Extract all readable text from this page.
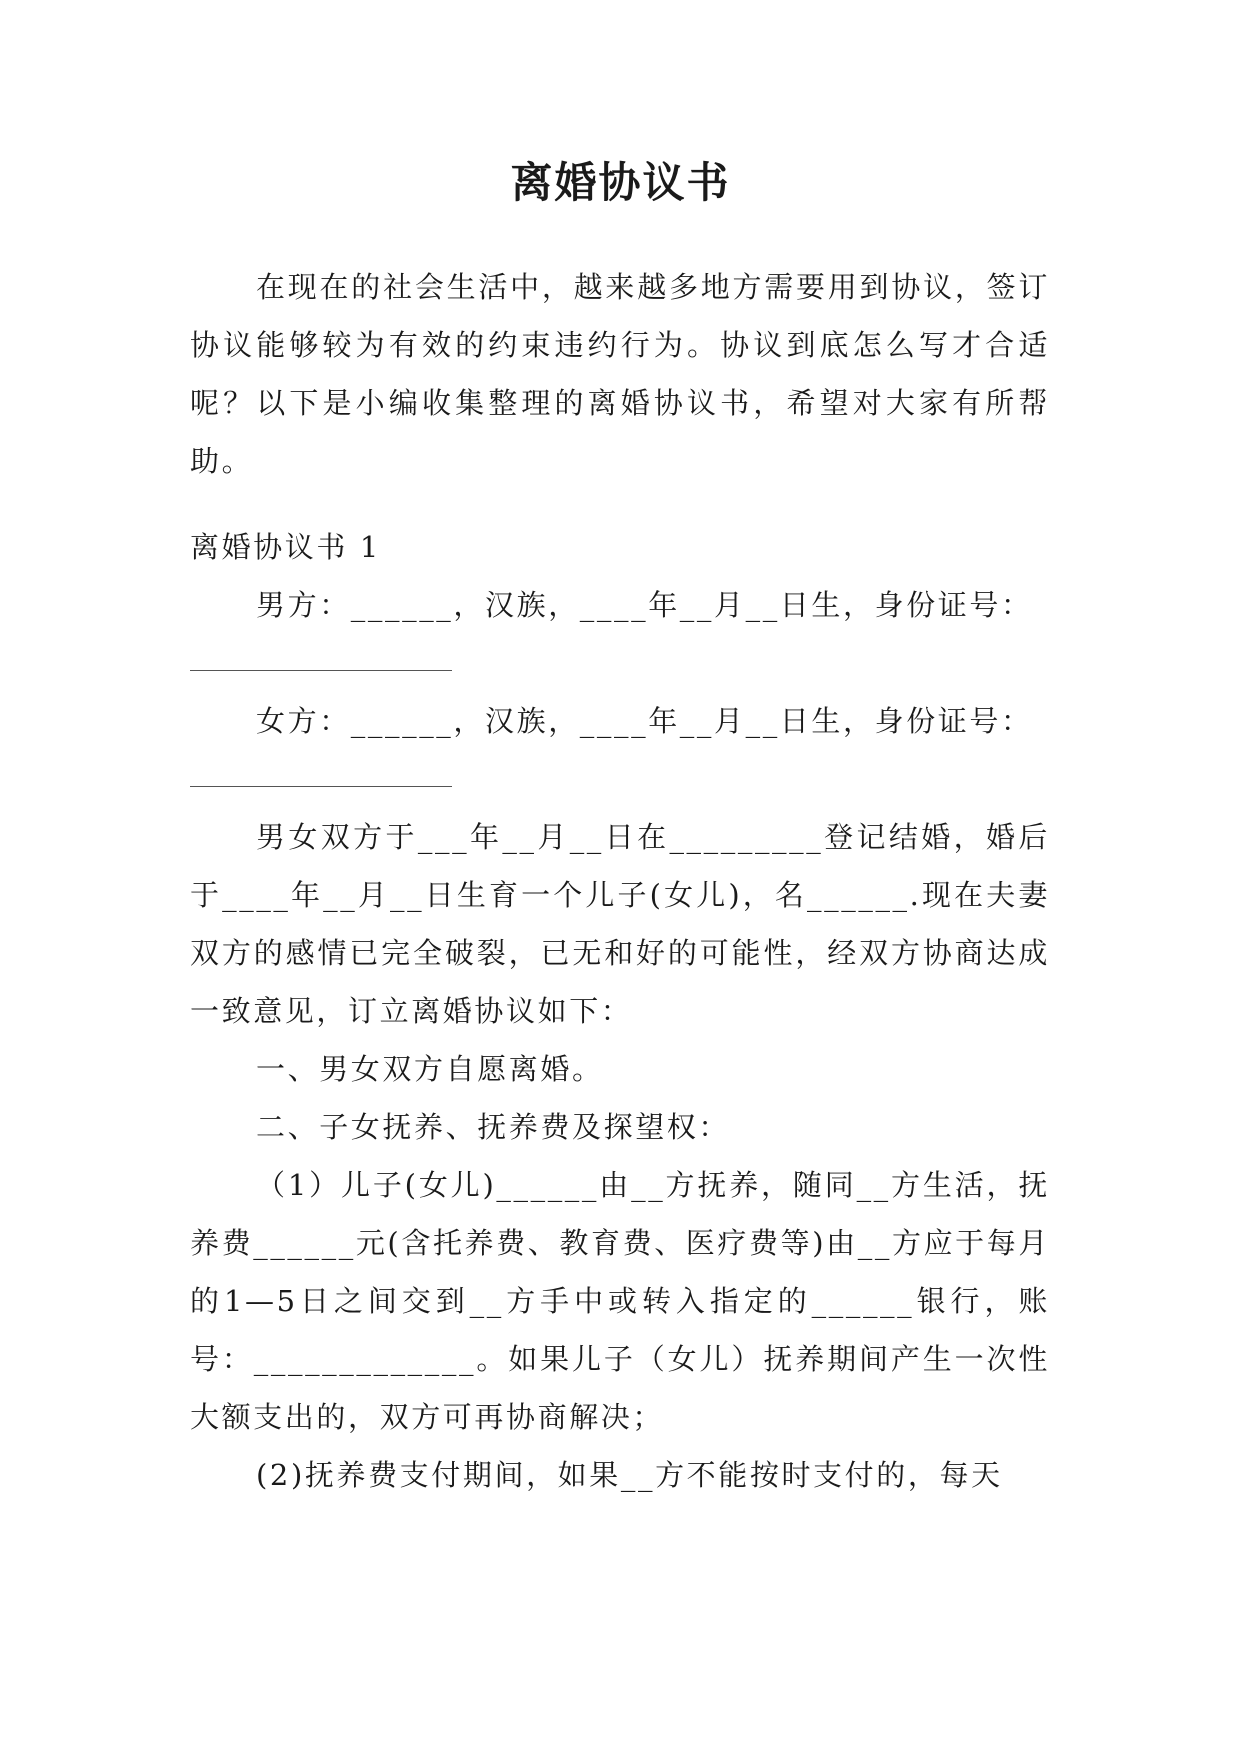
离婚协议书

在现在的社会生活中，越来越多地方需要用到协议，签订协议能够较为有效的约束违约行为。协议到底怎么写才合适呢？以下是小编收集整理的离婚协议书，希望对大家有所帮助。

离婚协议书 1

男方：______，汉族，____年__月__日生，身份证号：

女方：______，汉族，____年__月__日生，身份证号：

男女双方于___年__月__日在_________登记结婚，婚后于____年__月__日生育一个儿子(女儿)，名______.现在夫妻双方的感情已完全破裂，已无和好的可能性，经双方协商达成一致意见，订立离婚协议如下：

一、男女双方自愿离婚。

二、子女抚养、抚养费及探望权：

（1）儿子(女儿)______由__方抚养，随同__方生活，抚养费______元(含托养费、教育费、医疗费等)由__方应于每月的1—5日之间交到__方手中或转入指定的______银行，账号：_____________。如果儿子（女儿）抚养期间产生一次性大额支出的，双方可再协商解决；

(2)抚养费支付期间，如果__方不能按时支付的，每天
